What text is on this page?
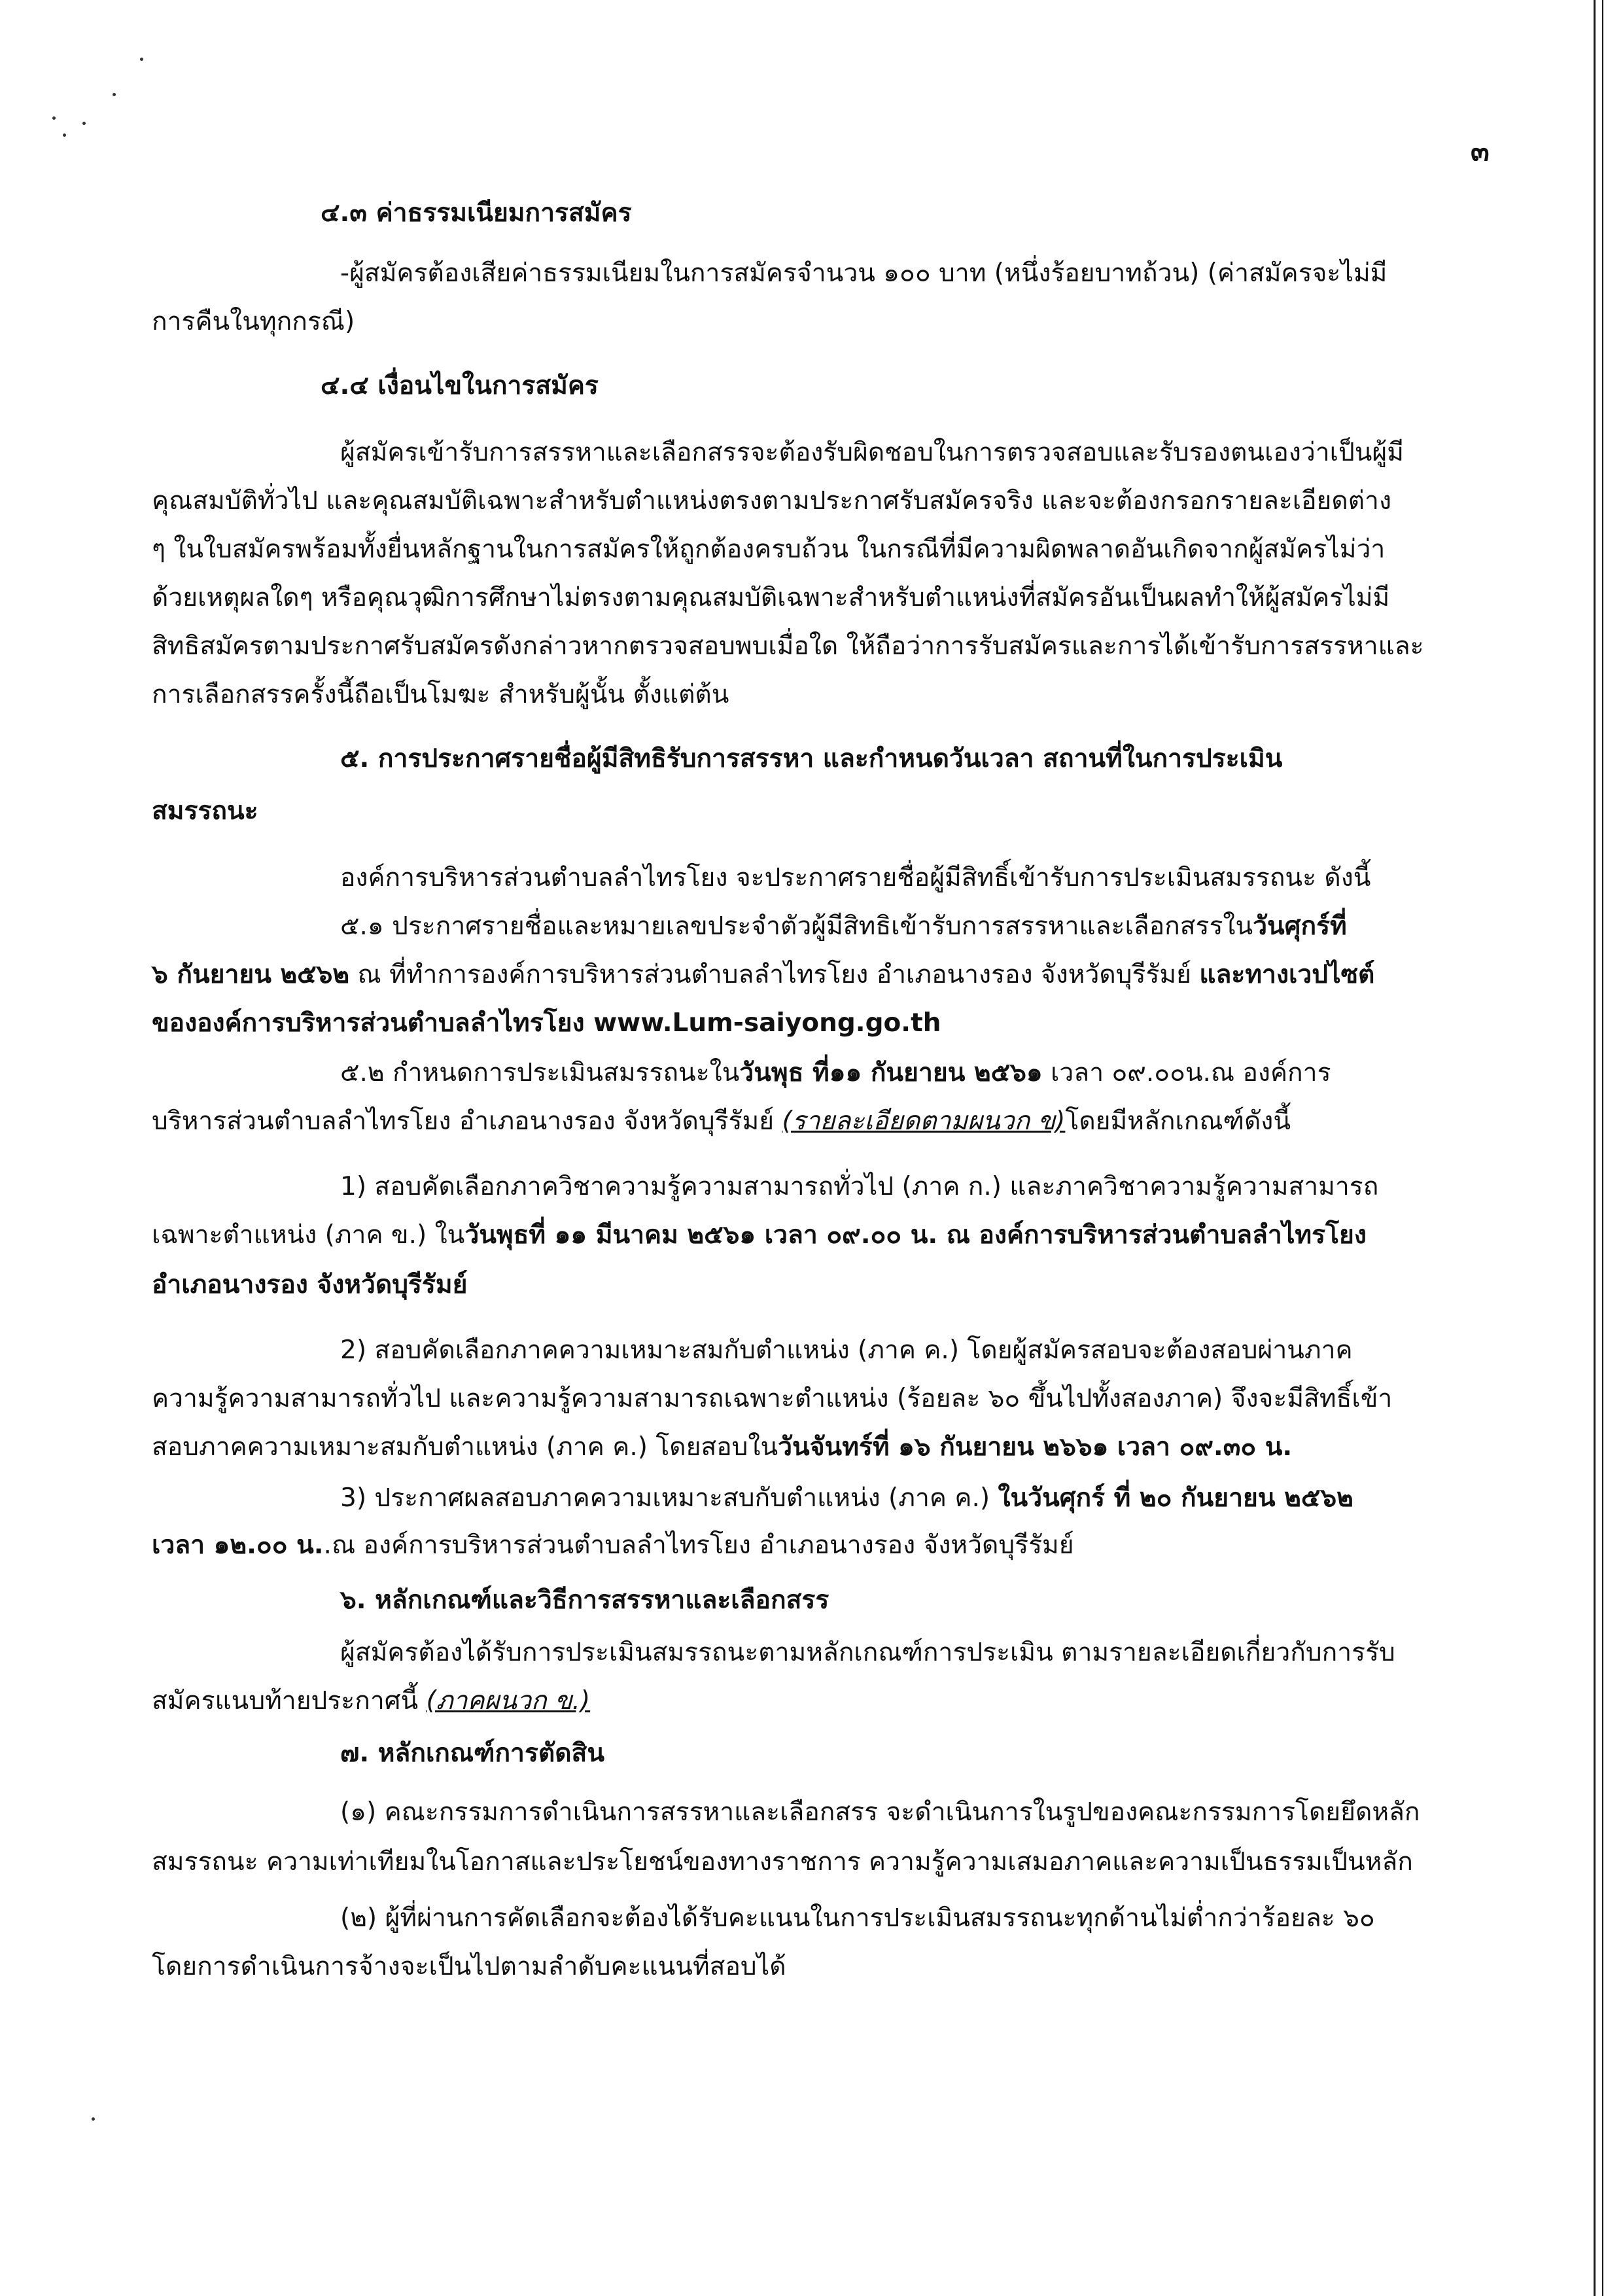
๓

๔.๓ ค่าธรรมเนียมการสมัคร

-ผู้สมัครต้องเสียค่าธรรมเนียมในการสมัครจำนวน ๑๐๐ บาท (หนึ่งร้อยบาทถ้วน) (ค่าสมัครจะไม่มี

การคืนในทุกกรณี)

๔.๔ เงื่อนไขในการสมัคร

ผู้สมัครเข้ารับการสรรหาและเลือกสรรจะต้องรับผิดชอบในการตรวจสอบและรับรองตนเองว่าเป็นผู้มี

คุณสมบัติทั่วไป และคุณสมบัติเฉพาะสำหรับตำแหน่งตรงตามประกาศรับสมัครจริง และจะต้องกรอกรายละเอียดต่าง

ๆ ในใบสมัครพร้อมทั้งยื่นหลักฐานในการสมัครให้ถูกต้องครบถ้วน ในกรณีที่มีความผิดพลาดอันเกิดจากผู้สมัครไม่ว่า

ด้วยเหตุผลใดๆ หรือคุณวุฒิการศึกษาไม่ตรงตามคุณสมบัติเฉพาะสำหรับตำแหน่งที่สมัครอันเป็นผลทำให้ผู้สมัครไม่มี

สิทธิสมัครตามประกาศรับสมัครดังกล่าวหากตรวจสอบพบเมื่อใด ให้ถือว่าการรับสมัครและการได้เข้ารับการสรรหาและ

การเลือกสรรครั้งนี้ถือเป็นโมฆะ สำหรับผู้นั้น ตั้งแต่ต้น

๕. การประกาศรายชื่อผู้มีสิทธิรับการสรรหา และกำหนดวันเวลา สถานที่ในการประเมิน

สมรรถนะ

องค์การบริหารส่วนตำบลลำไทรโยง จะประกาศรายชื่อผู้มีสิทธิ์เข้ารับการประเมินสมรรถนะ ดังนี้

๕.๑ ประกาศรายชื่อและหมายเลขประจำตัวผู้มีสิทธิเข้ารับการสรรหาและเลือกสรรในวันศุกร์ที่

๖ กันยายน ๒๕๖๒ ณ ที่ทำการองค์การบริหารส่วนตำบลลำไทรโยง อำเภอนางรอง จังหวัดบุรีรัมย์ และทางเวปไซต์

ขององค์การบริหารส่วนตำบลลำไทรโยง www.Lum-saiyong.go.th

๕.๒ กำหนดการประเมินสมรรถนะในวันพุธ ที่๑๑ กันยายน ๒๕๖๑ เวลา ๐๙.๐๐น.ณ องค์การ

บริหารส่วนตำบลลำไทรโยง อำเภอนางรอง จังหวัดบุรีรัมย์ (รายละเอียดตามผนวก ข)โดยมีหลักเกณฑ์ดังนี้

1) สอบคัดเลือกภาควิชาความรู้ความสามารถทั่วไป (ภาค ก.) และภาควิชาความรู้ความสามารถ

เฉพาะตำแหน่ง (ภาค ข.) ในวันพุธที่ ๑๑ มีนาคม ๒๕๖๑ เวลา ๐๙.๐๐ น. ณ องค์การบริหารส่วนตำบลลำไทรโยง

อำเภอนางรอง จังหวัดบุรีรัมย์

2) สอบคัดเลือกภาคความเหมาะสมกับตำแหน่ง (ภาค ค.) โดยผู้สมัครสอบจะต้องสอบผ่านภาค

ความรู้ความสามารถทั่วไป และความรู้ความสามารถเฉพาะตำแหน่ง (ร้อยละ ๖๐ ขึ้นไปทั้งสองภาค) จึงจะมีสิทธิ์เข้า

สอบภาคความเหมาะสมกับตำแหน่ง (ภาค ค.) โดยสอบในวันจันทร์ที่ ๑๖ กันยายน ๒๖๖๑ เวลา ๐๙.๓๐ น.

3) ประกาศผลสอบภาคความเหมาะสบกับตำแหน่ง (ภาค ค.) ในวันศุกร์ ที่ ๒๐ กันยายน ๒๕๖๒

เวลา ๑๒.๐๐ น..ณ องค์การบริหารส่วนตำบลลำไทรโยง อำเภอนางรอง จังหวัดบุรีรัมย์

๖. หลักเกณฑ์และวิธีการสรรหาและเลือกสรร

ผู้สมัครต้องได้รับการประเมินสมรรถนะตามหลักเกณฑ์การประเมิน ตามรายละเอียดเกี่ยวกับการรับ

สมัครแนบท้ายประกาศนี้ (ภาคผนวก ข.)

๗. หลักเกณฑ์การตัดสิน

(๑) คณะกรรมการดำเนินการสรรหาและเลือกสรร จะดำเนินการในรูปของคณะกรรมการโดยยึดหลัก

สมรรถนะ ความเท่าเทียมในโอกาสและประโยชน์ของทางราชการ ความรู้ความเสมอภาคและความเป็นธรรมเป็นหลัก

(๒) ผู้ที่ผ่านการคัดเลือกจะต้องได้รับคะแนนในการประเมินสมรรถนะทุกด้านไม่ต่ำกว่าร้อยละ ๖๐

โดยการดำเนินการจ้างจะเป็นไปตามลำดับคะแนนที่สอบได้
